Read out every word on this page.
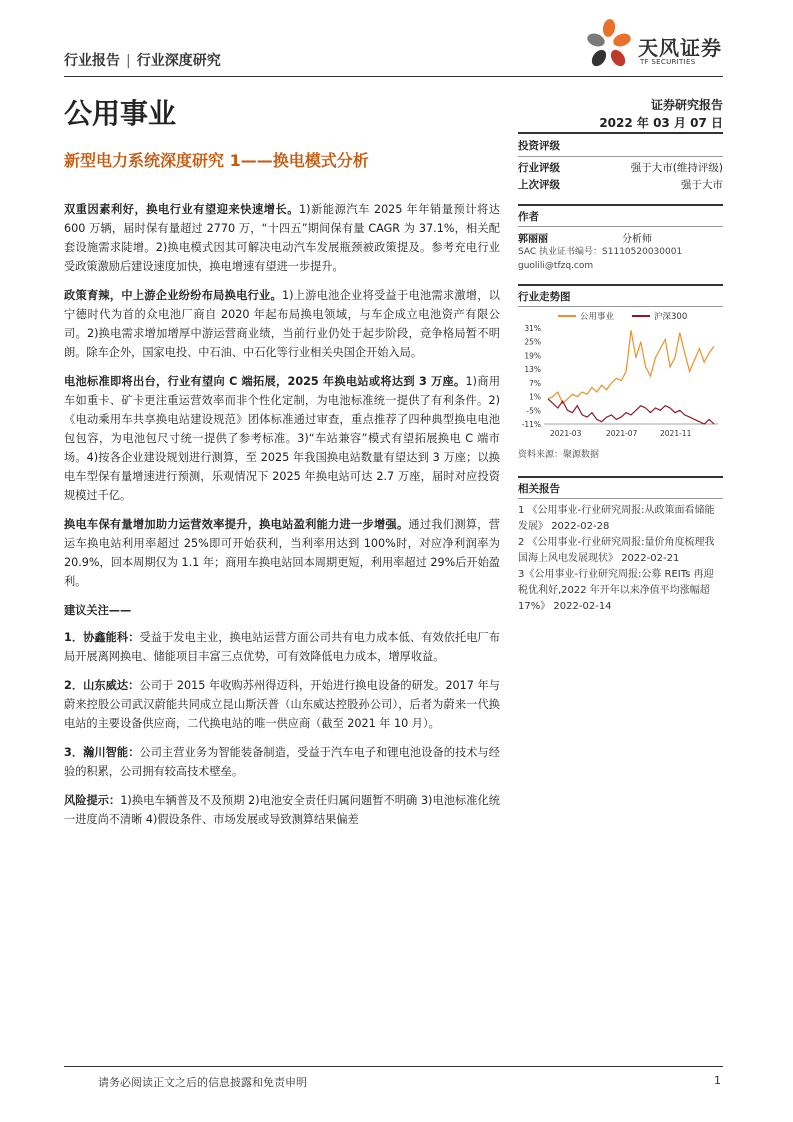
行业报告 | 行业深度研究
天风证券
TF SECURITIES
公用事业	证券研究报告
2022 年 03 月 07 日
新型电力系统深度研究 1——换电模式分析

双重因素利好，换电行业有望迎来快速增长。1)新能源汽车 2025 年年销量预计将达 600 万辆，届时保有量超过 2770 万，“十四五”期间保有量 CAGR 为 37.1%，相关配套设施需求陡增。2)换电模式因其可解决电动汽车发展瓶颈被政策提及。参考充电行业受政策激励后建设速度加快，换电增速有望进一步提升。

政策育辣，中上游企业纷纷布局换电行业。1)上游电池企业将受益于电池需求激增，以宁德时代为首的众电池厂商自 2020 年起布局换电领域，与车企成立电池资产有限公司。2)换电需求增加增厚中游运营商业绩，当前行业仍处于起步阶段，竞争格局暂不明朗。除车企外，国家电投、中石油、中石化等行业相关央国企开始入局。

电池标准即将出台，行业有望向 C 端拓展，2025 年换电站或将达到 3 万座。1)商用车如重卡、矿卡更注重运营效率而非个性化定制，为电池标准统一提供了有利条件。2)《电动乘用车共享换电站建设规范》团体标准通过审查，重点推荐了四种典型换电电池包包容，为电池包尺寸统一提供了参考标准。3)“车站兼容”模式有望拓展换电 C 端市场。4)按各企业建设规划进行测算，至 2025 年我国换电站数量有望达到 3 万座；以换电车型保有量增速进行预测，乐观情况下 2025 年换电站可达 2.7 万座，届时对应投资规模过千亿。

换电车保有量增加助力运营效率提升，换电站盈利能力进一步增强。通过我们测算，营运车换电站利用率超过 25%即可开始获利，当利率用达到 100%时，对应净利润率为 20.9%，回本周期仅为 1.1 年；商用车换电站回本周期更短，利用率超过 29%后开始盈利。

建议关注——

1．协鑫能科：受益于发电主业，换电站运营方面公司共有电力成本低、有效依托电厂布局开展离网换电、储能项目丰富三点优势，可有效降低电力成本，增厚收益。

2．山东威达：公司于 2015 年收购苏州得迈科，开始进行换电设备的研发。2017 年与蔚来控股公司武汉蔚能共同成立昆山斯沃普（山东威达控股孙公司），后者为蔚来一代换电站的主要设备供应商，二代换电站的唯一供应商（截至 2021 年 10 月）。

3．瀚川智能：公司主营业务为智能装备制造，受益于汽车电子和锂电池设备的技术与经验的积累，公司拥有较高技术壁垒。

风险提示：1)换电车辆普及不及预期 2)电池安全责任归属问题暂不明确 3)电池标准化统一进度尚不清晰 4)假设条件、市场发展或导致测算结果偏差

投资评级
行业评级	强于大市(维持评级)
上次评级	强于大市
作者
郭丽丽	分析师
SAC 执业证书编号：S1110520030001
guolili@tfzq.com
行业走势图
公用事业	沪深300
31%
25%
19%
13%
7%
1%
-5%
-11%
2021-03	2021-07	2021-11
资料来源：聚源数据
相关报告
1 《公用事业-行业研究周报:从政策面看储能发展》 2022-02-28
2 《公用事业-行业研究周报:量价角度梳理我国海上风电发展现状》 2022-02-21
3《公用事业-行业研究周报:公募 REITs 再迎税优利好,2022 年开年以来净值平均涨幅超 17%》 2022-02-14
请务必阅读正文之后的信息披露和免责申明	1
